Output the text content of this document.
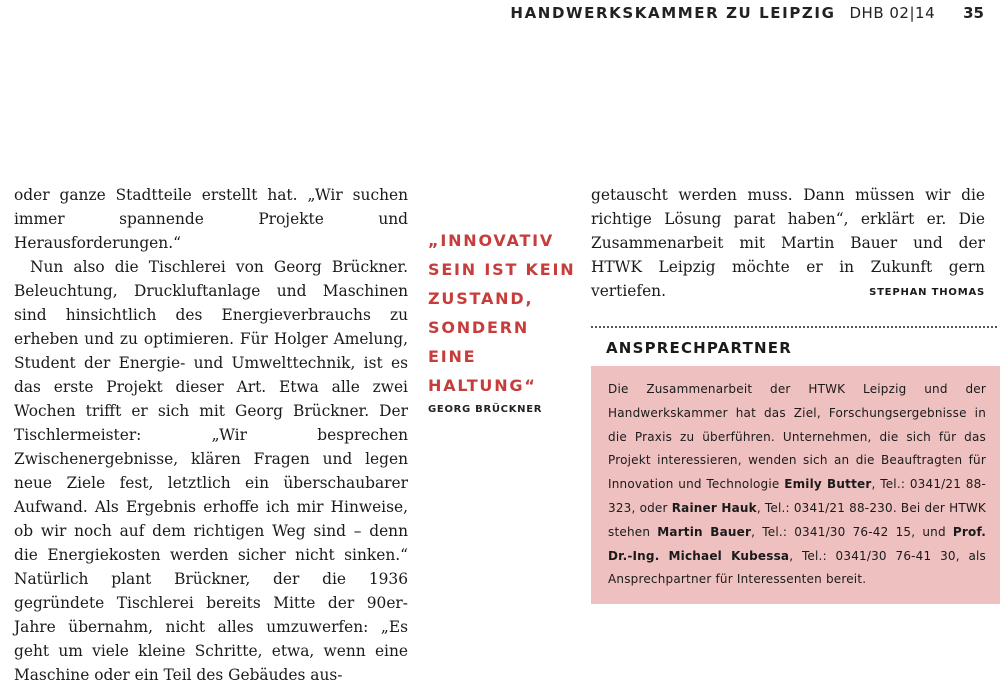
HANDWERKSKAMMER ZU LEIPZIG DHB 02|14 35

oder ganze Stadtteile erstellt hat. „Wir suchen immer spannende Projekte und Herausforderungen.“

Nun also die Tischlerei von Georg Brückner. Beleuchtung, Druckluftanlage und Maschinen sind hinsichtlich des Energieverbrauchs zu erheben und zu optimieren. Für Holger Amelung, Student der Energie- und Umwelttechnik, ist es das erste Projekt dieser Art. Etwa alle zwei Wochen trifft er sich mit Georg Brückner. Der Tischlermeister: „Wir besprechen Zwischenergebnisse, klären Fragen und legen neue Ziele fest, letztlich ein überschaubarer Aufwand. Als Ergebnis erhoffe ich mir Hinweise, ob wir noch auf dem richtigen Weg sind – denn die Energiekosten werden sicher nicht sinken.“ Natürlich plant Brückner, der die 1936 gegründete Tischlerei bereits Mitte der 90er-Jahre übernahm, nicht alles umzuwerfen: „Es geht um viele kleine Schritte, etwa, wenn eine Maschine oder ein Teil des Gebäudes aus-

„INNOVATIV SEIN IST KEIN ZUSTAND, SONDERN EINE HALTUNG“
GEORG BRÜCKNER

getauscht werden muss. Dann müssen wir die richtige Lösung parat haben“, erklärt er. Die Zusammenarbeit mit Martin Bauer und der HTWK Leipzig möchte er in Zukunft gern vertiefen.	STEPHAN THOMAS

ANSPRECHPARTNER
Die Zusammenarbeit der HTWK Leipzig und der Handwerkskammer hat das Ziel, Forschungsergebnisse in die Praxis zu überführen. Unternehmen, die sich für das Projekt interessieren, wenden sich an die Beauftragten für Innovation und Technologie Emily Butter, Tel.: 0341/21 88-323, oder Rainer Hauk, Tel.: 0341/21 88-230. Bei der HTWK stehen Martin Bauer, Tel.: 0341/30 76-42 15, und Prof. Dr.-Ing. Michael Kubessa, Tel.: 0341/30 76-41 30, als Ansprechpartner für Interessenten bereit.
